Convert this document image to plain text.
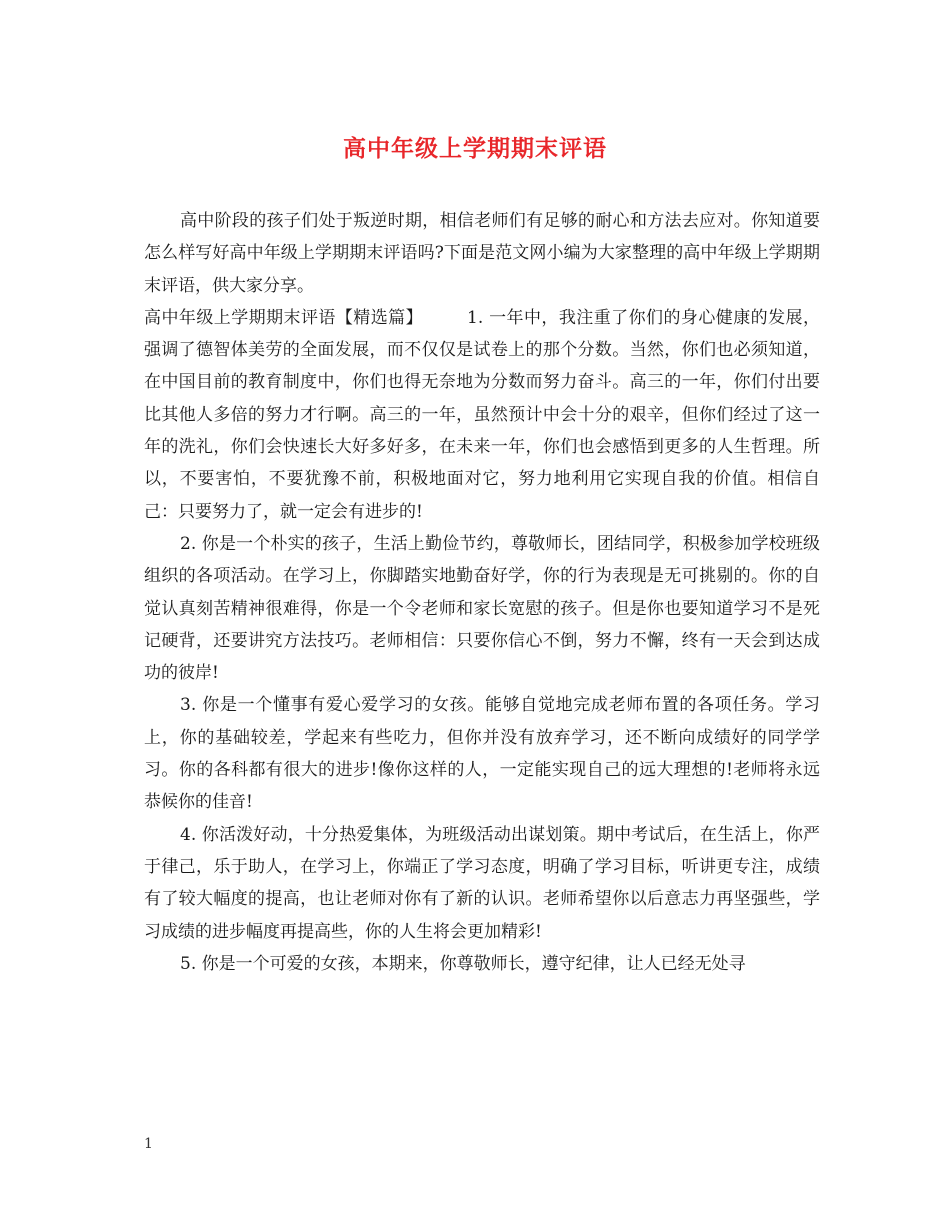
高中年级上学期期末评语

高中阶段的孩子们处于叛逆时期，相信老师们有足够的耐心和方法去应对。你知道要怎么样写好高中年级上学期期末评语吗?下面是范文网小编为大家整理的高中年级上学期期末评语，供大家分享。

高中年级上学期期末评语【精选篇】	1. 一年中，我注重了你们的身心健康的发展，强调了德智体美劳的全面发展，而不仅仅是试卷上的那个分数。当然，你们也必须知道，在中国目前的教育制度中，你们也得无奈地为分数而努力奋斗。高三的一年，你们付出要比其他人多倍的努力才行啊。高三的一年，虽然预计中会十分的艰辛，但你们经过了这一年的洗礼，你们会快速长大好多好多，在未来一年，你们也会感悟到更多的人生哲理。所以，不要害怕，不要犹豫不前，积极地面对它，努力地利用它实现自我的价值。相信自己：只要努力了，就一定会有进步的!

2. 你是一个朴实的孩子，生活上勤俭节约，尊敬师长，团结同学，积极参加学校班级组织的各项活动。在学习上，你脚踏实地勤奋好学，你的行为表现是无可挑剔的。你的自觉认真刻苦精神很难得，你是一个令老师和家长宽慰的孩子。但是你也要知道学习不是死记硬背，还要讲究方法技巧。老师相信：只要你信心不倒，努力不懈，终有一天会到达成功的彼岸!

3. 你是一个懂事有爱心爱学习的女孩。能够自觉地完成老师布置的各项任务。学习上，你的基础较差，学起来有些吃力，但你并没有放弃学习，还不断向成绩好的同学学习。你的各科都有很大的进步!像你这样的人，一定能实现自己的远大理想的!老师将永远恭候你的佳音!

4. 你活泼好动，十分热爱集体，为班级活动出谋划策。期中考试后，在生活上，你严于律己，乐于助人，在学习上，你端正了学习态度，明确了学习目标，听讲更专注，成绩有了较大幅度的提高，也让老师对你有了新的认识。老师希望你以后意志力再坚强些，学习成绩的进步幅度再提高些，你的人生将会更加精彩!

5. 你是一个可爱的女孩，本期来，你尊敬师长，遵守纪律，让人已经无处寻

1
